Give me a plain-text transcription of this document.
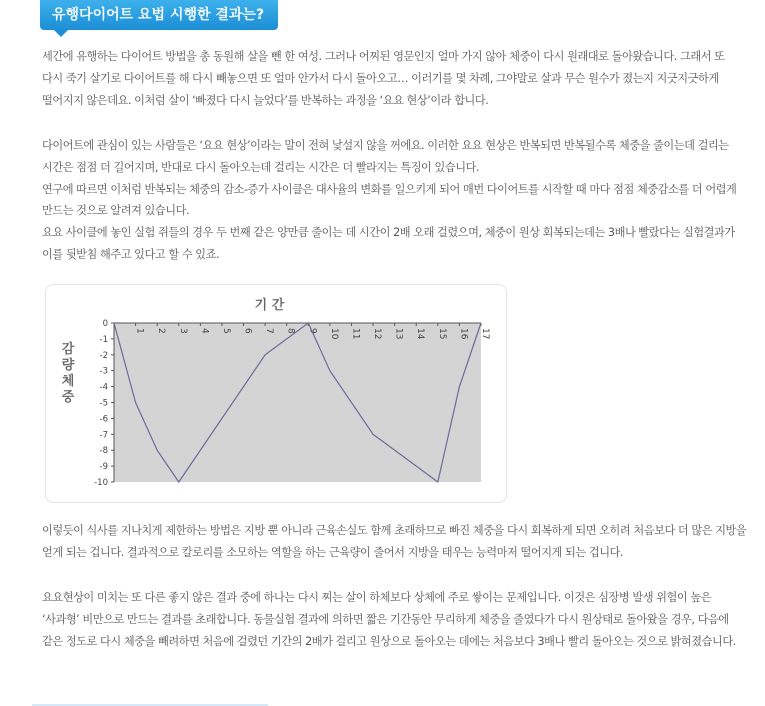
유행다이어트 요법 시행한 결과는?
세간에 유행하는 다이어트 방법을 총 동원해 살을 뺀 한 여성. 그러나 어찌된 영문인지 얼마 가지 않아 체중이 다시 원래대로 돌아왔습니다. 그래서 또 다시 죽기 살기로 다이어트를 해 다시 빼놓으면 또 얼마 안가서 다시 돌아오고… 이러기를 몇 차례, 그야말로 살과 무슨 원수가 졌는지 지긋지긋하게 떨어지지 않은데요. 이처럼 살이 ‘빠졌다 다시 늘었다’를 반복하는 과정을 ‘요요 현상’이라 합니다.
다이어트에 관심이 있는 사람들은 ‘요요 현상’이라는 말이 전혀 낯설지 않을 꺼에요. 이러한 요요 현상은 반복되면 반복될수록 체중을 줄이는데 걸리는 시간은 점점 더 길어지며, 반대로 다시 돌아오는데 걸리는 시간은 더 빨라지는 특징이 있습니다.
연구에 따르면 이처럼 반복되는 체중의 감소-증가 사이클은 대사율의 변화를 일으키게 되어 매번 다이어트를 시작할 때 마다 점점 체중감소를 더 어렵게 만드는 것으로 알려져 있습니다.
요요 사이클에 놓인 실험 쥐들의 경우 두 번째 같은 양만큼 줄이는 데 시간이 2배 오래 걸렸으며, 체중이 원상 회복되는데는 3배나 빨랐다는 실험결과가 이를 뒷받침 해주고 있다고 할 수 있죠.
1 2 3 4 5 6 7 8 9 10 11 12 13 14 15 16 17
0
-1
-2
-3
-4
-5
-6
-7
-8
-9
-10
기 간
감
량
체
중
이렇듯이 식사를 지나치게 제한하는 방법은 지방 뿐 아니라 근육손실도 함께 초래하므로 빠진 체중을 다시 회복하게 되면 오히려 처음보다 더 많은 지방을 얻게 되는 겁니다. 결과적으로 칼로리를 소모하는 역할을 하는 근육량이 줄어서 지방을 태우는 능력마저 떨어지게 되는 겁니다.
요요현상이 미치는 또 다른 좋지 않은 결과 중에 하나는 다시 찌는 살이 하체보다 상체에 주로 쌓이는 문제입니다. 이것은 심장병 발생 위험이 높은 ‘사과형’ 비만으로 만드는 결과를 초래합니다. 동물실험 결과에 의하면 짧은 기간동안 무리하게 체중을 줄였다가 다시 원상태로 돌아왔을 경우, 다음에 같은 정도로 다시 체중을 빼려하면 처음에 걸렸던 기간의 2배가 걸리고 원상으로 돌아오는 데에는 처음보다 3배나 빨리 돌아오는 것으로 밝혀졌습니다.
